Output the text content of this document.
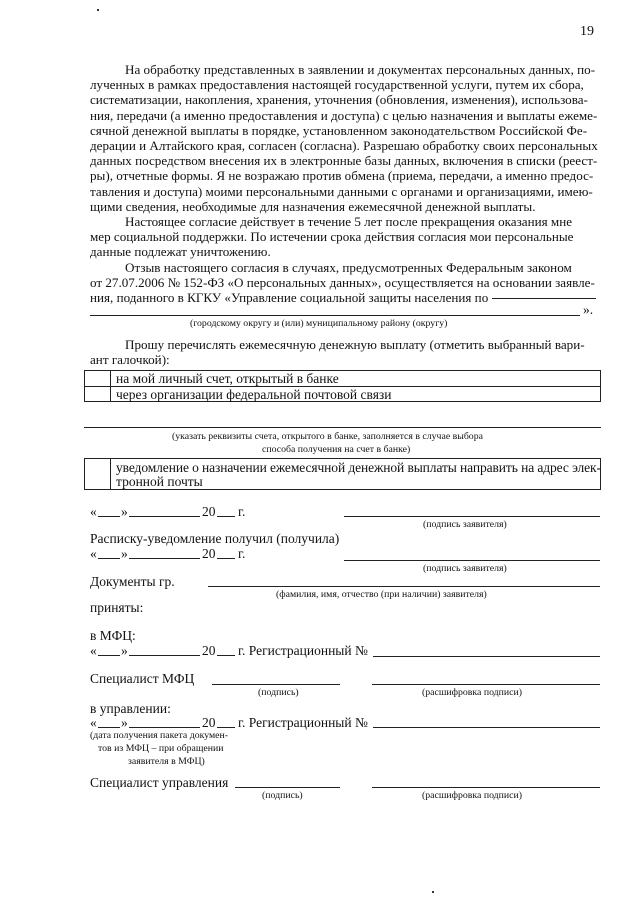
19
На обработку представленных в заявлении и документах персональных данных, по-
лученных в рамках предоставления настоящей государственной услуги, путем их сбора,
систематизации, накопления, хранения, уточнения (обновления, изменения), использова-
ния, передачи (а именно предоставления и доступа) с целью назначения и выплаты ежеме-
сячной денежной выплаты в порядке, установленном законодательством Российской Фе-
дерации и Алтайского края, согласен (согласна). Разрешаю обработку своих персональных
данных посредством внесения их в электронные базы данных, включения в списки (реест-
ры), отчетные формы. Я не возражаю против обмена (приема, передачи, а именно предос-
тавления и доступа) моими персональными данными с органами и организациями, имею-
щими сведения, необходимые для назначения ежемесячной денежной выплаты.
Настоящее согласие действует в течение 5 лет после прекращения оказания мне
мер социальной поддержки. По истечении срока действия согласия мои персональные
данные подлежат уничтожению.
Отзыв настоящего согласия в случаях, предусмотренных Федеральным законом
от 27.07.2006 № 152-ФЗ «О персональных данных», осуществляется на основании заявле-
ния, поданного в КГКУ «Управление социальной защиты населения по
».
(городскому округу и (или) муниципальному району (округу)
Прошу перечислять ежемесячную денежную выплату (отметить выбранный вари-
ант галочкой):
на мой личный счет, открытый в банке
через организации федеральной почтовой связи
(указать реквизиты счета, открытого в банке, заполняется в случае выбора
способа получения на счет в банке)
уведомление о назначении ежемесячной денежной выплаты направить на адрес элек-
тронной почты
« »	20 г.
(подпись заявителя)
Расписку-уведомление получил (получила)
« »	20 г.
(подпись заявителя)
Документы гр.
(фамилия, имя, отчество (при наличии) заявителя)
приняты:
в МФЦ:
« »	20 г. Регистрационный №
Специалист МФЦ
(подпись)	(расшифровка подписи)
в управлении:
« »	20 г. Регистрационный №
(дата получения пакета докумен-
тов из МФЦ – при обращении
заявителя в МФЦ)
Специалист управления
(подпись)	(расшифровка подписи)
